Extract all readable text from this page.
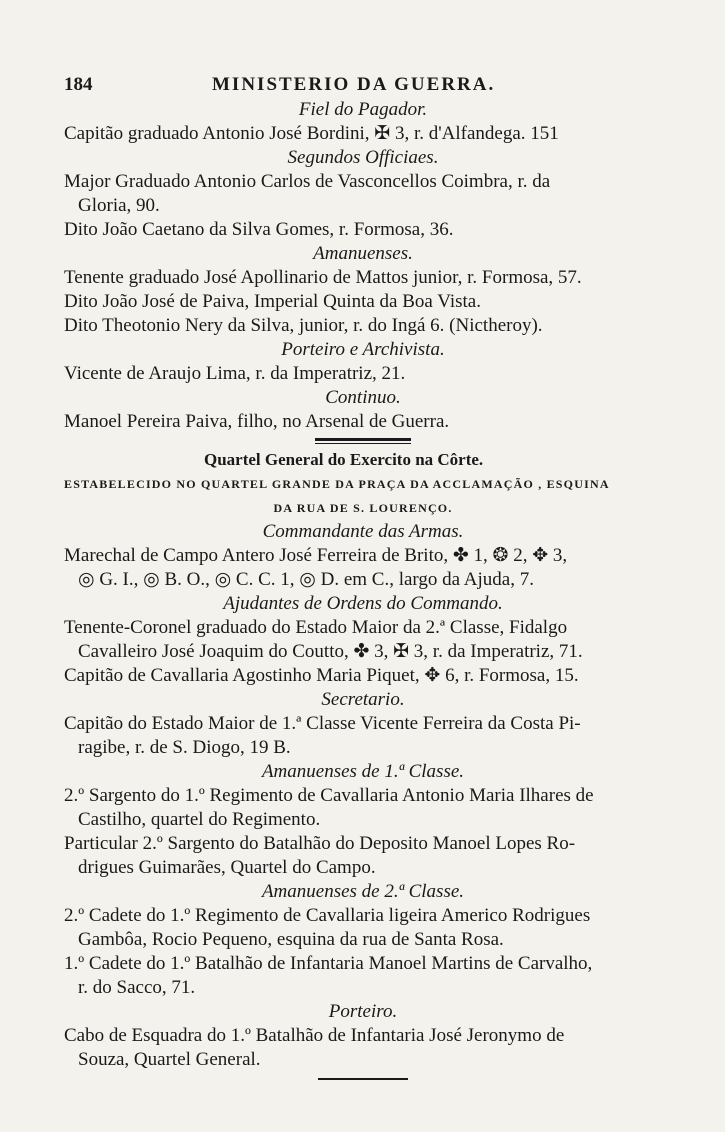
184	MINISTERIO DA GUERRA.
Fiel do Pagador.
Capitão graduado Antonio José Bordini, ✠ 3, r. d'Alfandega. 151
Segundos Officiaes.
Major Graduado Antonio Carlos de Vasconcellos Coimbra, r. da
Gloria, 90.
Dito João Caetano da Silva Gomes, r. Formosa, 36.
Amanuenses.
Tenente graduado José Apollinario de Mattos junior, r. Formosa, 57.
Dito João José de Paiva, Imperial Quinta da Boa Vista.
Dito Theotonio Nery da Silva, junior, r. do Ingá 6. (Nictheroy).
Porteiro e Archivista.
Vicente de Araujo Lima, r. da Imperatriz, 21.
Continuo.
Manoel Pereira Paiva, filho, no Arsenal de Guerra.
Quartel General do Exercito na Côrte.
ESTABELECIDO NO QUARTEL GRANDE DA PRAÇA DA ACCLAMAÇÃO , ESQUINA
DA RUA DE S. LOURENÇO.
Commandante das Armas.
Marechal de Campo Antero José Ferreira de Brito, ✤ 1, ❂ 2, ✥ 3,
◎ G. I., ◎ B. O., ◎ C. C. 1, ◎ D. em C., largo da Ajuda, 7.
Ajudantes de Ordens do Commando.
Tenente-Coronel graduado do Estado Maior da 2.ª Classe, Fidalgo
Cavalleiro José Joaquim do Coutto, ✤ 3, ✠ 3, r. da Imperatriz, 71.
Capitão de Cavallaria Agostinho Maria Piquet, ✥ 6, r. Formosa, 15.
Secretario.
Capitão do Estado Maior de 1.ª Classe Vicente Ferreira da Costa Pi-
ragibe, r. de S. Diogo, 19 B.
Amanuenses de 1.ª Classe.
2.º Sargento do 1.º Regimento de Cavallaria Antonio Maria Ilhares de
Castilho, quartel do Regimento.
Particular 2.º Sargento do Batalhão do Deposito Manoel Lopes Ro-
drigues Guimarães, Quartel do Campo.
Amanuenses de 2.ª Classe.
2.º Cadete do 1.º Regimento de Cavallaria ligeira Americo Rodrigues
Gambôa, Rocio Pequeno, esquina da rua de Santa Rosa.
1.º Cadete do 1.º Batalhão de Infantaria Manoel Martins de Carvalho,
r. do Sacco, 71.
Porteiro.
Cabo de Esquadra do 1.º Batalhão de Infantaria José Jeronymo de
Souza, Quartel General.
